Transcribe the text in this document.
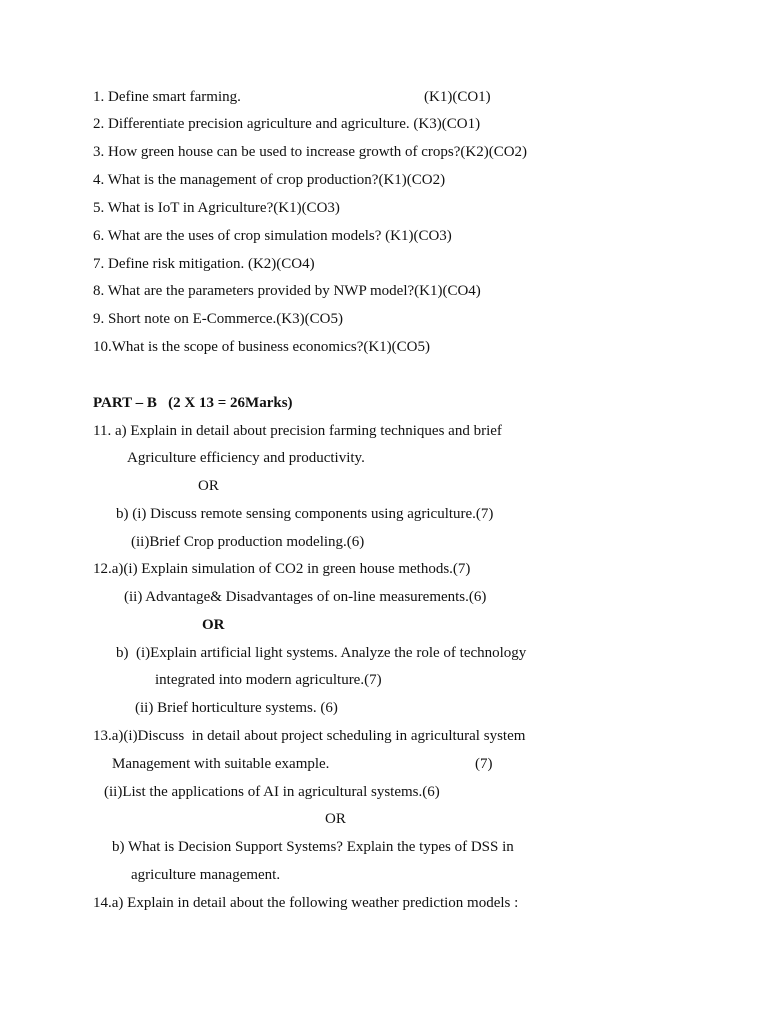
1. Define smart farming.	(K1)(CO1)
2. Differentiate precision agriculture and agriculture. (K3)(CO1)
3. How green house can be used to increase growth of crops?(K2)(CO2)
4. What is the management of crop production?(K1)(CO2)
5. What is IoT in Agriculture?(K1)(CO3)
6. What are the uses of crop simulation models? (K1)(CO3)
7. Define risk mitigation. (K2)(CO4)
8. What are the parameters provided by NWP model?(K1)(CO4)
9. Short note on E-Commerce.(K3)(CO5)
10.What is the scope of business economics?(K1)(CO5)
PART – B   (2 X 13 = 26Marks)
11. a) Explain in detail about precision farming techniques and brief
Agriculture efficiency and productivity.
OR
b) (i) Discuss remote sensing components using agriculture.(7)
(ii)Brief Crop production modeling.(6)
12.a)(i) Explain simulation of CO2 in green house methods.(7)
(ii) Advantage& Disadvantages of on-line measurements.(6)
OR
b)  (i)Explain artificial light systems. Analyze the role of technology
integrated into modern agriculture.(7)
(ii) Brief horticulture systems. (6)
13.a)(i)Discuss  in detail about project scheduling in agricultural system
Management with suitable example.	(7)
(ii)List the applications of AI in agricultural systems.(6)
OR
b) What is Decision Support Systems? Explain the types of DSS in
agriculture management.
14.a) Explain in detail about the following weather prediction models :
